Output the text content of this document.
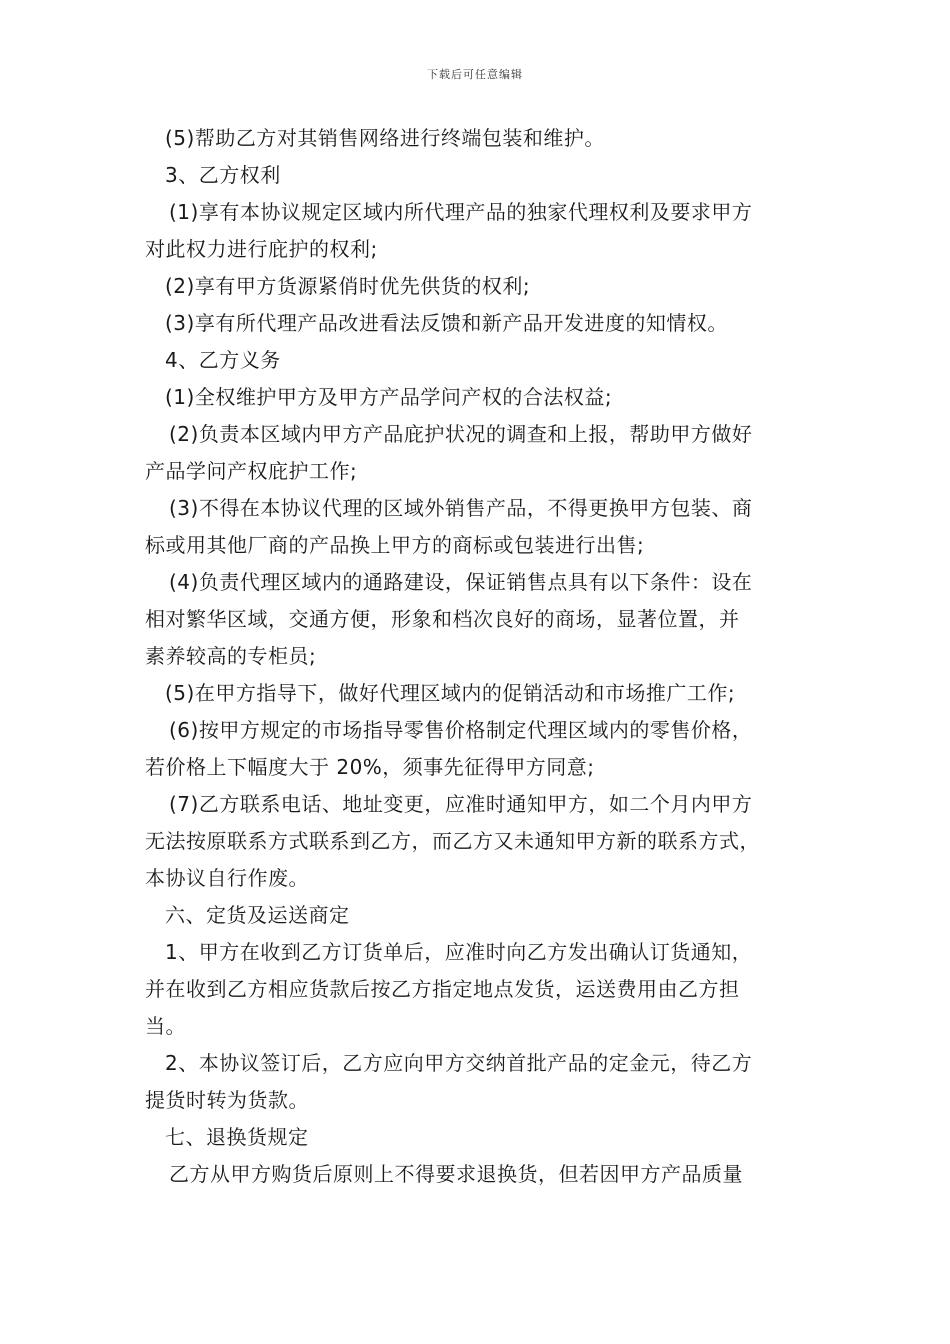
下载后可任意编辑

(5)帮助乙方对其销售网络进行终端包装和维护。

3、乙方权利

(1)享有本协议规定区域内所代理产品的独家代理权利及要求甲方

对此权力进行庇护的权利;

(2)享有甲方货源紧俏时优先供货的权利;

(3)享有所代理产品改进看法反馈和新产品开发进度的知情权。

4、乙方义务

(1)全权维护甲方及甲方产品学问产权的合法权益;

(2)负责本区域内甲方产品庇护状况的调查和上报，帮助甲方做好

产品学问产权庇护工作;

(3)不得在本协议代理的区域外销售产品，不得更换甲方包装、商

标或用其他厂商的产品换上甲方的商标或包装进行出售;

(4)负责代理区域内的通路建设，保证销售点具有以下条件：设在

相对繁华区域，交通方便，形象和档次良好的商场，显著位置，并

素养较高的专柜员;

(5)在甲方指导下，做好代理区域内的促销活动和市场推广工作;

(6)按甲方规定的市场指导零售价格制定代理区域内的零售价格，

若价格上下幅度大于 20%，须事先征得甲方同意;

(7)乙方联系电话、地址变更，应准时通知甲方，如二个月内甲方

无法按原联系方式联系到乙方，而乙方又未通知甲方新的联系方式，

本协议自行作废。

六、定货及运送商定

1、甲方在收到乙方订货单后，应准时向乙方发出确认订货通知，

并在收到乙方相应货款后按乙方指定地点发货，运送费用由乙方担

当。

2、本协议签订后，乙方应向甲方交纳首批产品的定金元，待乙方

提货时转为货款。

七、退换货规定

乙方从甲方购货后原则上不得要求退换货，但若因甲方产品质量
